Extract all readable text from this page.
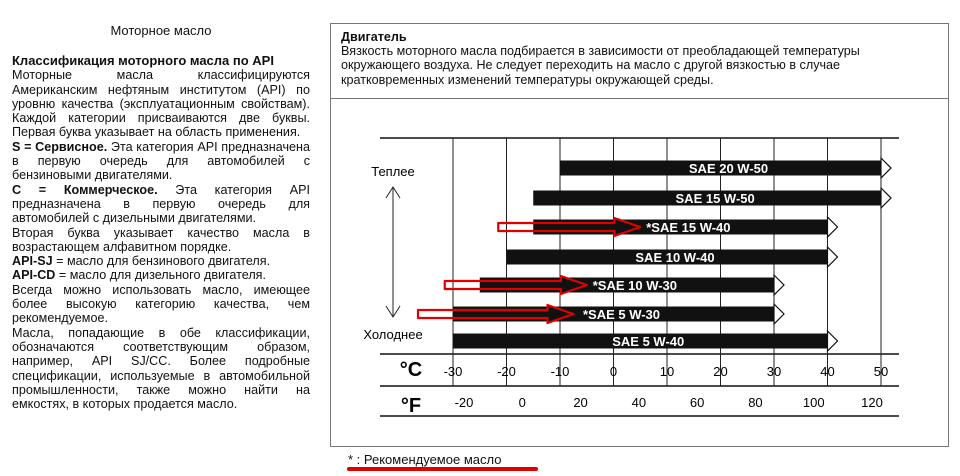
Моторное масло
Классификация моторного масла по API

Моторные масла классифицируются Американским нефтяным институтом (API) по уровню качества (эксплуатационным свойствам). Каждой категории присваиваются две буквы. Первая буква указывает на область применения.

S = Сервисное. Эта категория API предназначена в первую очередь для автомобилей с бензиновыми двигателями.

C = Коммерческое. Эта категория API предназначена в первую очередь для автомобилей с дизельными двигателями.

Вторая буква указывает качество масла в возрастающем алфавитном порядке.

API-SJ = масло для бензинового двигателя.

API-CD = масло для дизельного двигателя.

Всегда можно использовать масло, имеющее более высокую категорию качества, чем рекомендуемое.

Масла, попадающие в обе классификации, обозначаются соответствующим образом, например, API SJ/CC. Более подробные спецификации, используемые в автомобильной промышленности, также можно найти на емкостях, в которых продается масло.

Двигатель
Вязкость моторного масла подбирается в зависимости от преобладающей температуры окружающего воздуха. Не следует переходить на масло с другой вязкостью в случае кратковременных изменений температуры окружающей среды.
Теплее
Холоднее
SAE 20 W-50
SAE 15 W-50
*SAE 15 W-40
SAE 10 W-40
*SAE 10 W-30
*SAE 5 W-30
SAE 5 W-40
°C
°F
-30	-20	-10	0	10	20	30	40	50
-20	0	20	40	60	80	100	120
* : Рекомендуемое масло
